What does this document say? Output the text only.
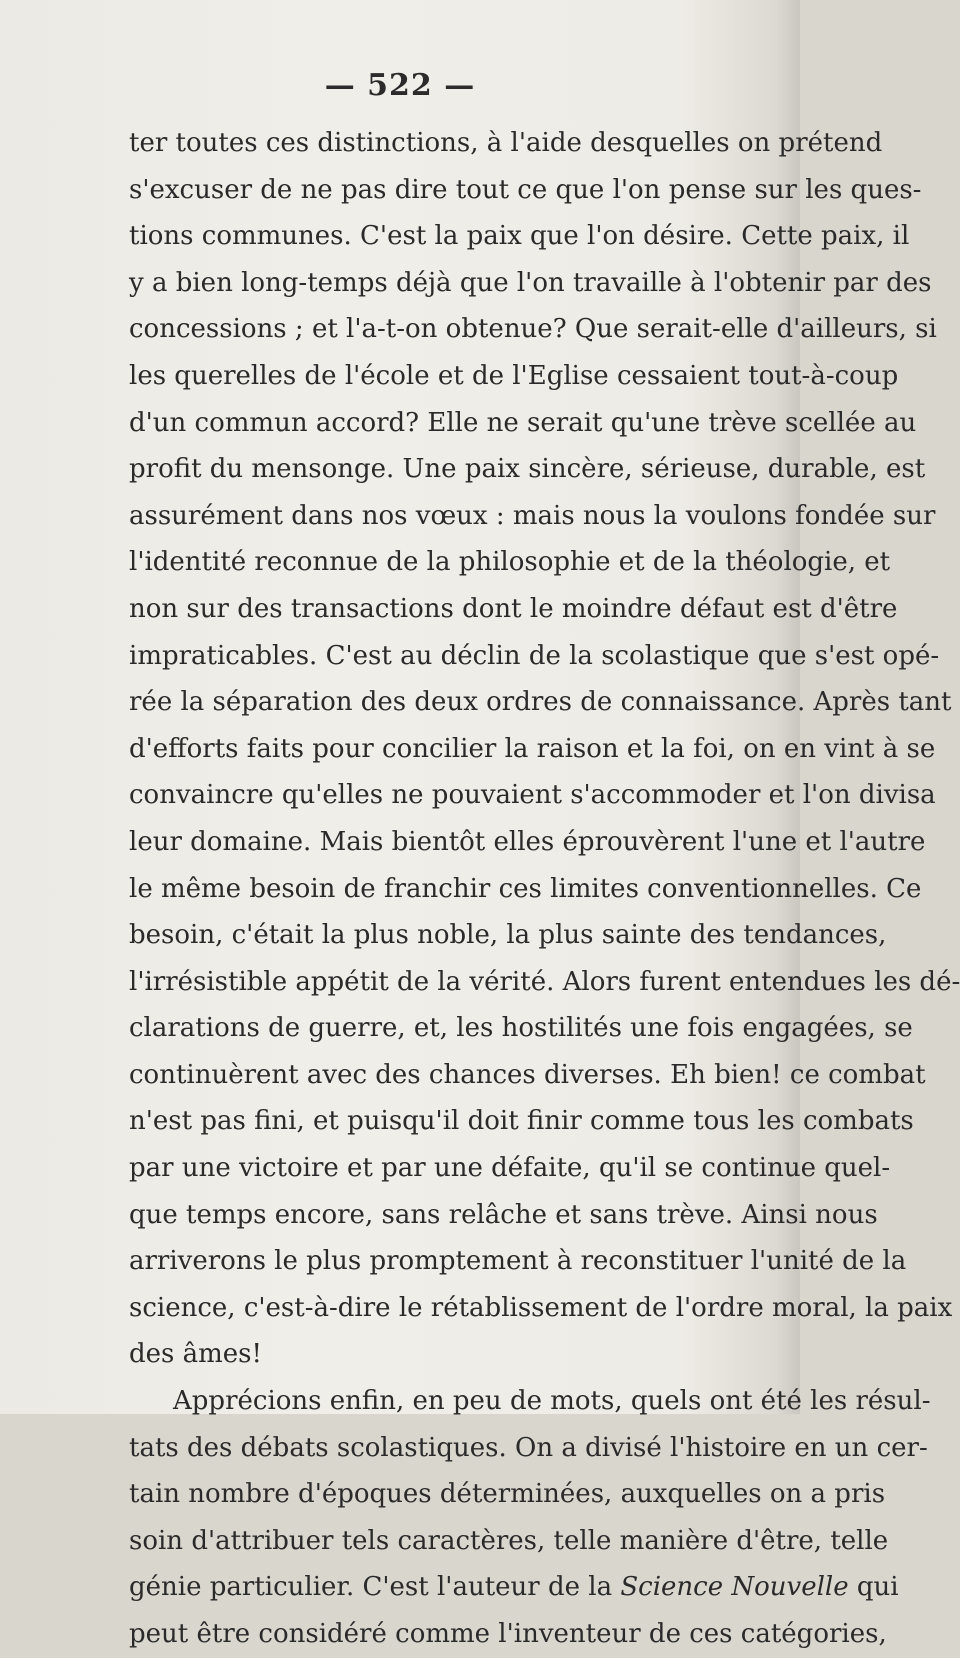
— 522 —
ter toutes ces distinctions, à l'aide desquelles on prétend
s'excuser de ne pas dire tout ce que l'on pense sur les ques-
tions communes. C'est la paix que l'on désire. Cette paix, il
y a bien long-temps déjà que l'on travaille à l'obtenir par des
concessions ; et l'a-t-on obtenue? Que serait-elle d'ailleurs, si
les querelles de l'école et de l'Eglise cessaient tout-à-coup
d'un commun accord? Elle ne serait qu'une trève scellée au
profit du mensonge. Une paix sincère, sérieuse, durable, est
assurément dans nos vœux : mais nous la voulons fondée sur
l'identité reconnue de la philosophie et de la théologie, et
non sur des transactions dont le moindre défaut est d'être
impraticables. C'est au déclin de la scolastique que s'est opé-
rée la séparation des deux ordres de connaissance. Après tant
d'efforts faits pour concilier la raison et la foi, on en vint à se
convaincre qu'elles ne pouvaient s'accommoder et l'on divisa
leur domaine. Mais bientôt elles éprouvèrent l'une et l'autre
le même besoin de franchir ces limites conventionnelles. Ce
besoin, c'était la plus noble, la plus sainte des tendances,
l'irrésistible appétit de la vérité. Alors furent entendues les dé-
clarations de guerre, et, les hostilités une fois engagées, se
continuèrent avec des chances diverses. Eh bien! ce combat
n'est pas fini, et puisqu'il doit finir comme tous les combats
par une victoire et par une défaite, qu'il se continue quel-
que temps encore, sans relâche et sans trève. Ainsi nous
arriverons le plus promptement à reconstituer l'unité de la
science, c'est-à-dire le rétablissement de l'ordre moral, la paix
des âmes!
Apprécions enfin, en peu de mots, quels ont été les résul-
tats des débats scolastiques. On a divisé l'histoire en un cer-
tain nombre d'époques déterminées, auxquelles on a pris
soin d'attribuer tels caractères, telle manière d'être, telle
génie particulier. C'est l'auteur de la Science Nouvelle qui
peut être considéré comme l'inventeur de ces catégories,
